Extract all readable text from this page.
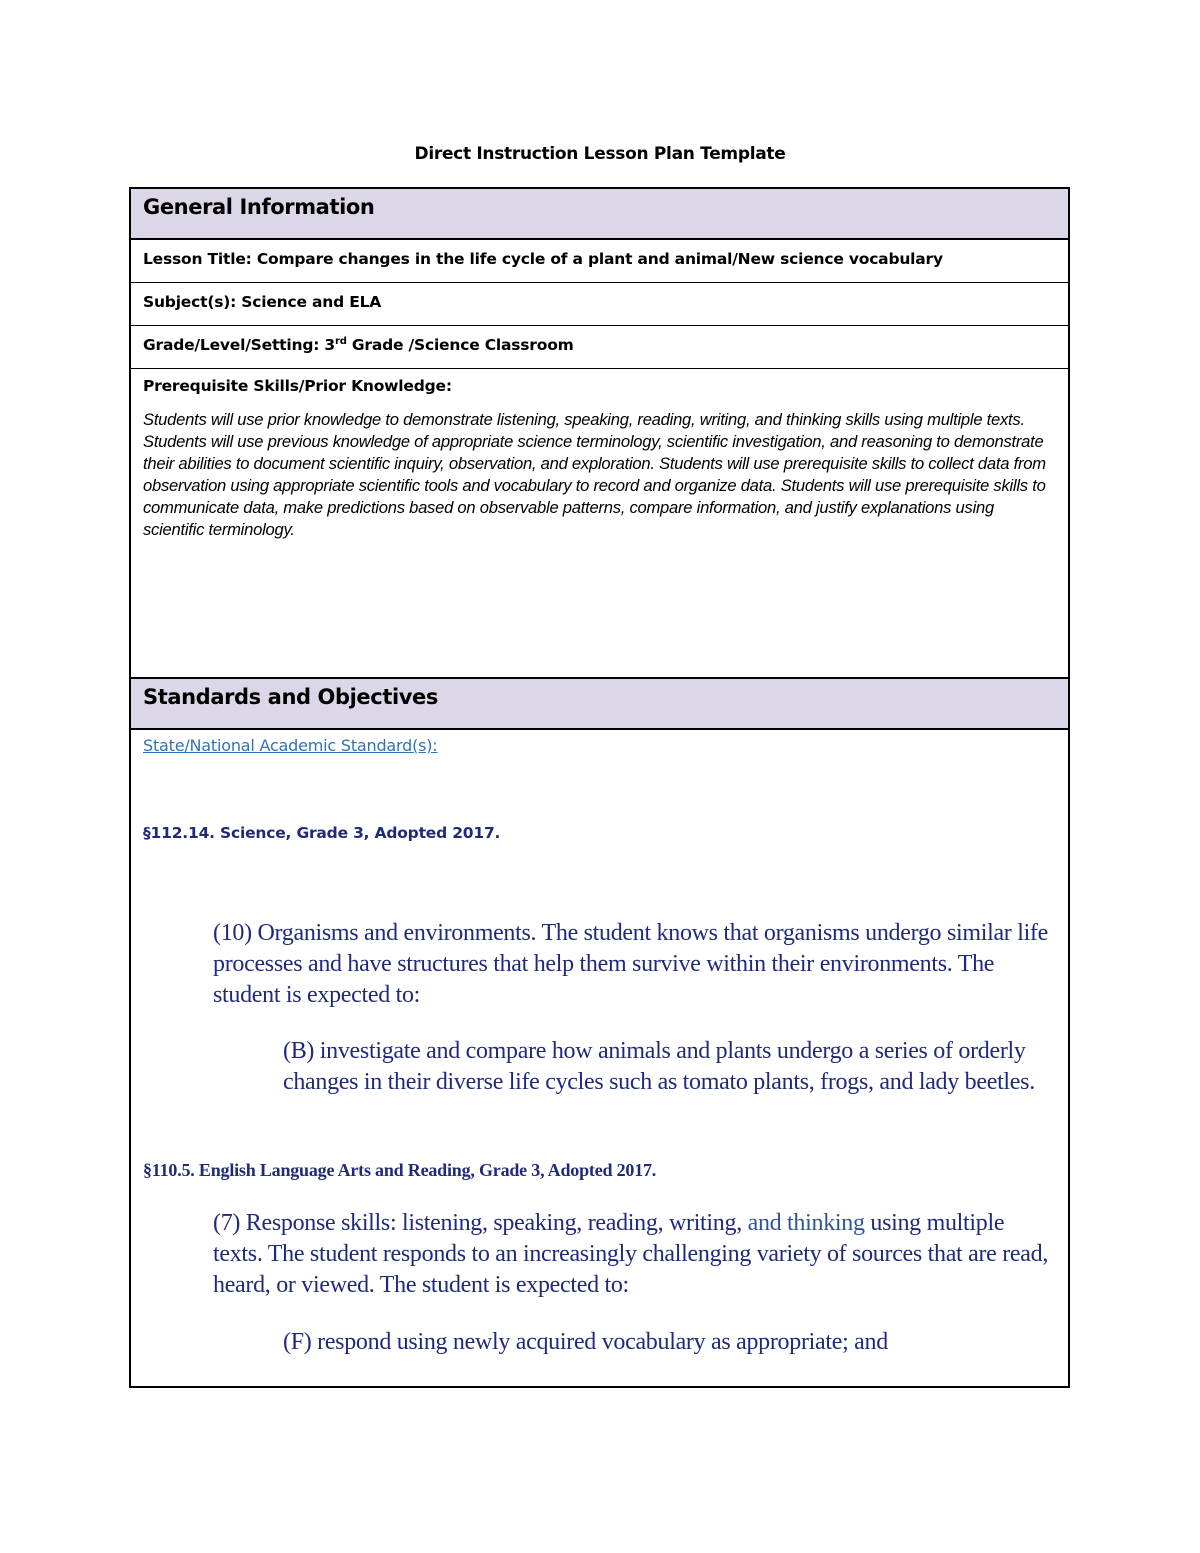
Direct Instruction Lesson Plan Template
General Information
Lesson Title: Compare changes in the life cycle of a plant and animal/New science vocabulary
Subject(s): Science and ELA
Grade/Level/Setting: 3rd Grade /Science Classroom
Prerequisite Skills/Prior Knowledge:
Students will use prior knowledge to demonstrate listening, speaking, reading, writing, and thinking skills using multiple texts. Students will use previous knowledge of appropriate science terminology, scientific investigation, and reasoning to demonstrate their abilities to document scientific inquiry, observation, and exploration. Students will use prerequisite skills to collect data from observation using appropriate scientific tools and vocabulary to record and organize data. Students will use prerequisite skills to communicate data, make predictions based on observable patterns, compare information, and justify explanations using scientific terminology.
Standards and Objectives
State/National Academic Standard(s):
§112.14. Science, Grade 3, Adopted 2017.
(10) Organisms and environments. The student knows that organisms undergo similar life processes and have structures that help them survive within their environments. The student is expected to:
(B) investigate and compare how animals and plants undergo a series of orderly changes in their diverse life cycles such as tomato plants, frogs, and lady beetles.
§110.5. English Language Arts and Reading, Grade 3, Adopted 2017.
(7) Response skills: listening, speaking, reading, writing, and thinking using multiple texts. The student responds to an increasingly challenging variety of sources that are read, heard, or viewed. The student is expected to:
(F) respond using newly acquired vocabulary as appropriate; and
